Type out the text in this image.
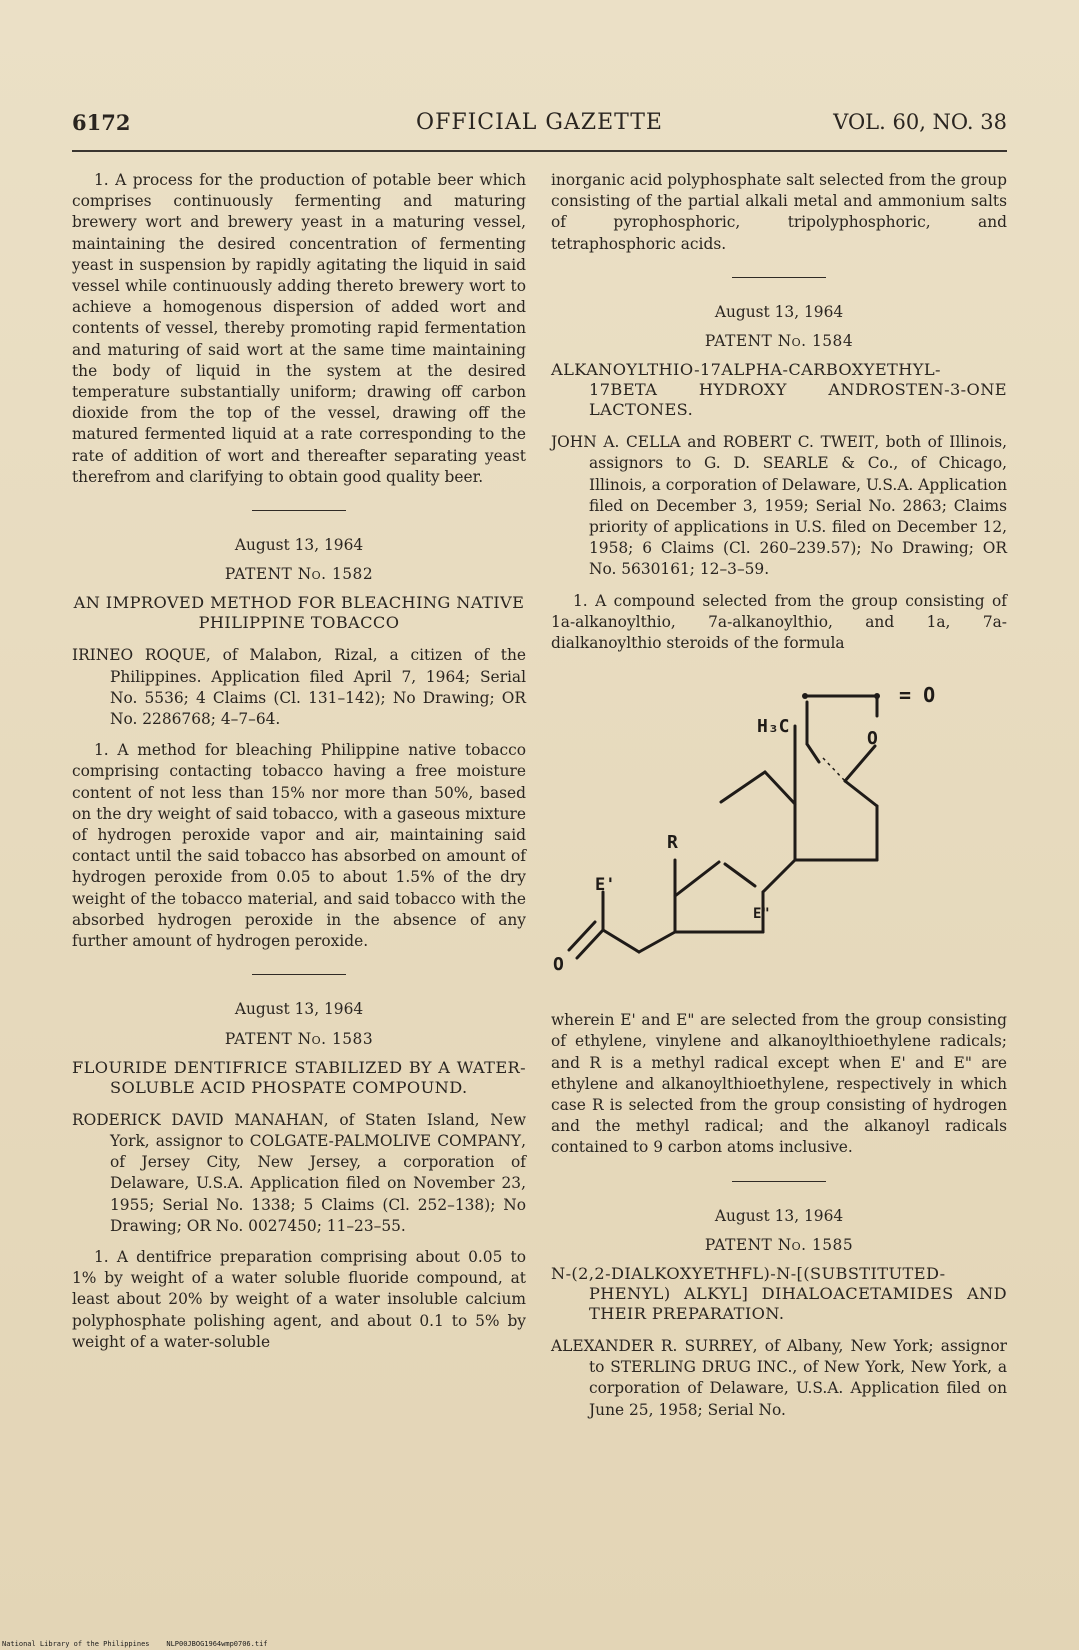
6172	OFFICIAL GAZETTE	VOL. 60, NO. 38

1. A process for the production of potable beer which comprises continuously fermenting and maturing brewery wort and brewery yeast in a maturing vessel, maintaining the desired concentration of fermenting yeast in suspension by rapidly agitating the liquid in said vessel while continuously adding thereto brewery wort to achieve a homogenous dispersion of added wort and contents of vessel, thereby promoting rapid fermentation and maturing of said wort at the same time maintaining the body of liquid in the system at the desired temperature substantially uniform; drawing off carbon dioxide from the top of the vessel, drawing off the matured fermented liquid at a rate corresponding to the rate of addition of wort and thereafter separating yeast therefrom and clarifying to obtain good quality beer.

August 13, 1964
PATENT No. 1582
AN IMPROVED METHOD FOR BLEACHING NATIVE PHILIPPINE TOBACCO

IRINEO ROQUE, of Malabon, Rizal, a citizen of the Philippines. Application filed April 7, 1964; Serial No. 5536; 4 Claims (Cl. 131–142); No Drawing; OR No. 2286768; 4–7–64.

1. A method for bleaching Philippine native tobacco comprising contacting tobacco having a free moisture content of not less than 15% nor more than 50%, based on the dry weight of said tobacco, with a gaseous mixture of hydrogen peroxide vapor and air, maintaining said contact until the said tobacco has absorbed on amount of hydrogen peroxide from 0.05 to about 1.5% of the dry weight of the tobacco material, and said tobacco with the absorbed hydrogen peroxide in the absence of any further amount of hydrogen peroxide.

August 13, 1964
PATENT No. 1583
FLOURIDE DENTIFRICE STABILIZED BY A WATER-SOLUBLE ACID PHOSPATE COMPOUND.

RODERICK DAVID MANAHAN, of Staten Island, New York, assignor to COLGATE-PALMOLIVE COMPANY, of Jersey City, New Jersey, a corporation of Delaware, U.S.A. Application filed on November 23, 1955; Serial No. 1338; 5 Claims (Cl. 252–138); No Drawing; OR No. 0027450; 11–23–55.

1. A dentifrice preparation comprising about 0.05 to 1% by weight of a water soluble fluoride compound, at least about 20% by weight of a water insoluble calcium polyphosphate polishing agent, and about 0.1 to 5% by weight of a water-soluble

inorganic acid polyphosphate salt selected from the group consisting of the partial alkali metal and ammonium salts of pyrophosphoric, tripolyphosphoric, and tetraphosphoric acids.

August 13, 1964
PATENT No. 1584
ALKANOYLTHIO-17ALPHA-CARBOXYETHYL-17BETA HYDROXY ANDROSTEN-3-ONE LACTONES.

JOHN A. CELLA and ROBERT C. TWEIT, both of Illinois, assignors to G. D. SEARLE & Co., of Chicago, Illinois, a corporation of Delaware, U.S.A. Application filed on December 3, 1959; Serial No. 2863; Claims priority of applications in U.S. filed on December 12, 1958; 6 Claims (Cl. 260–239.57); No Drawing; OR No. 5630161; 12–3–59.

1. A compound selected from the group consisting of 1a-alkanoylthio, 7a-alkanoylthio, and 1a, 7a-dialkanoylthio steroids of the formula

= O
H₃C
O
R
E'
E"
O

wherein E' and E" are selected from the group consisting of ethylene, vinylene and alkanoylthioethylene radicals; and R is a methyl radical except when E' and E" are ethylene and alkanoylthioethylene, respectively in which case R is selected from the group consisting of hydrogen and the methyl radical; and the alkanoyl radicals contained to 9 carbon atoms inclusive.

August 13, 1964
PATENT No. 1585
N-(2,2-DIALKOXYETHFL)-N-[(SUBSTITUTED-PHENYL) ALKYL] DIHALOACETAMIDES AND THEIR PREPARATION.

ALEXANDER R. SURREY, of Albany, New York; assignor to STERLING DRUG INC., of New York, New York, a corporation of Delaware, U.S.A. Application filed on June 25, 1958; Serial No.

National Library of the Philippines    NLP00JBOG1964wmp0706.tif
